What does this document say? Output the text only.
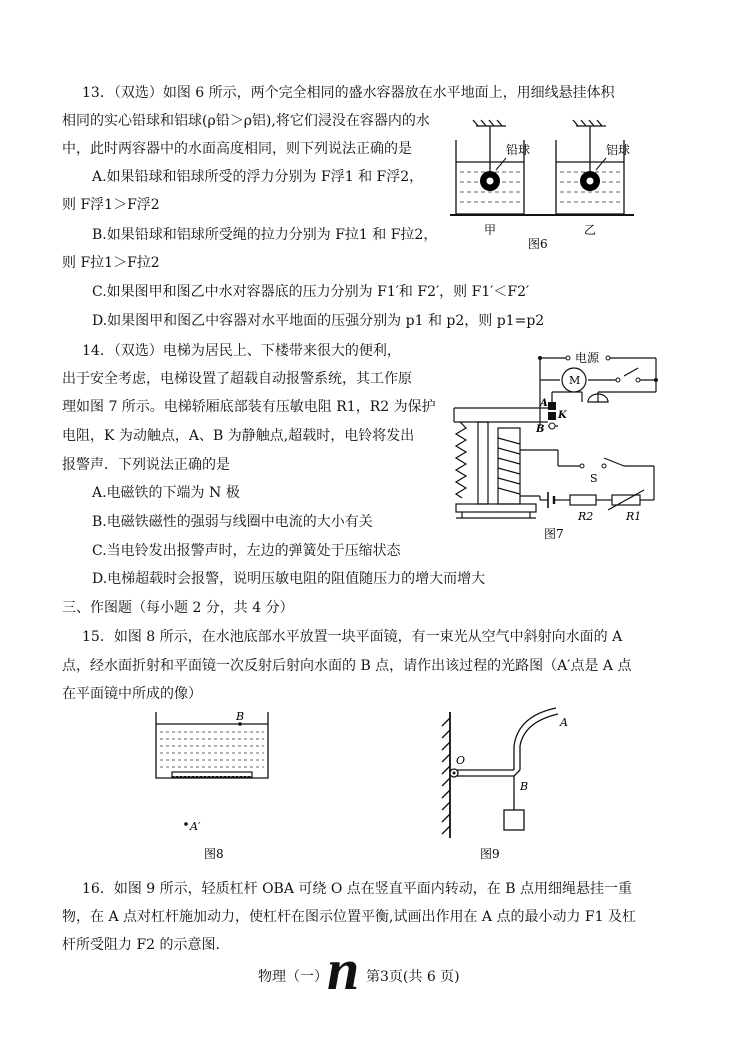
13．（双选）如图 6 所示，两个完全相同的盛水容器放在水平地面上，用细线悬挂体积
相同的实心铅球和铝球(ρ铅＞ρ铝),将它们浸没在容器内的水
中，此时两容器中的水面高度相同，则下列说法正确的是
A.如果铅球和铝球所受的浮力分别为 F浮1 和 F浮2，
则 F浮1＞F浮2
B.如果铅球和铝球所受绳的拉力分别为 F拉1 和 F拉2，
则 F拉1＞F拉2
C.如果图甲和图乙中水对容器底的压力分别为 F1′和 F2′，则 F1′＜F2′
D.如果图甲和图乙中容器对水平地面的压强分别为 p1 和 p2，则 p1=p2
铅球	铝球
甲	乙
图6
14．（双选）电梯为居民上、下楼带来很大的便利，
出于安全考虑，电梯设置了超载自动报警系统，其工作原
理如图 7 所示。电梯轿厢底部装有压敏电阻 R1，R2 为保护
电阻，K 为动触点，A、B 为静触点,超载时，电铃将发出
报警声．下列说法正确的是
A.电磁铁的下端为 N 极
B.电磁铁磁性的强弱与线圈中电流的大小有关
C.当电铃发出报警声时，左边的弹簧处于压缩状态
D.电梯超载时会报警，说明压敏电阻的阻值随压力的增大而增大
电源
M
A
K
B
S
R2	R1
图7
三、作图题（每小题 2 分，共 4 分）
15．如图 8 所示，在水池底部水平放置一块平面镜，有一束光从空气中斜射向水面的 A
点，经水面折射和平面镜一次反射后射向水面的 B 点，请作出该过程的光路图（A′点是 A 点
在平面镜中所成的像）
B
A′
图8
A
O
B
图9
16．如图 9 所示，轻质杠杆 OBA 可绕 O 点在竖直平面内转动，在 B 点用细绳悬挂一重
物，在 A 点对杠杆施加动力，使杠杆在图示位置平衡,试画出作用在 A 点的最小动力 F1 及杠
杆所受阻力 F2 的示意图.
物理（一） n 第3页(共 6 页)
